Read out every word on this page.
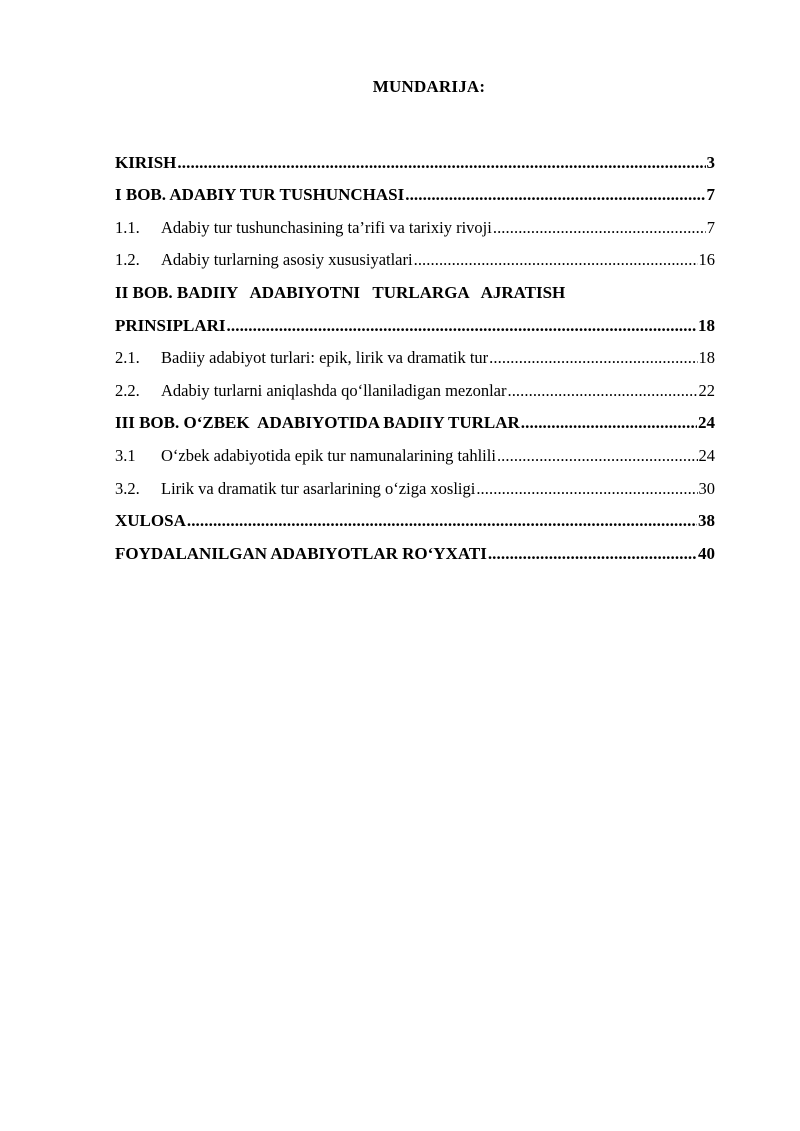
MUNDARIJA:
KIRISH .....	3
I BOB. ADABIY TUR TUSHUNCHASI .....	7
1.1.	Adabiy tur tushunchasining ta’rifi va tarixiy rivoji .....	7
1.2.	Adabiy turlarning asosiy xususiyatlari .....	16
II BOB. BADIIY   ADABIYOTNI   TURLARGA   AJRATISH
PRINSIPLARI .....	18
2.1.	Badiiy adabiyot turlari: epik, lirik va dramatik tur .....	18
2.2.	Adabiy turlarni aniqlashda qo‘llaniladigan mezonlar .....	22
III BOB. O‘ZBEK  ADABIYOTIDA BADIIY TURLAR .....	24
3.1	O‘zbek adabiyotida epik tur namunalarining tahlili .....	24
3.2.	Lirik va dramatik tur asarlarining o‘ziga xosligi .....	30
XULOSA .....	38
FOYDALANILGAN ADABIYOTLAR RO‘YXATI .....	40
